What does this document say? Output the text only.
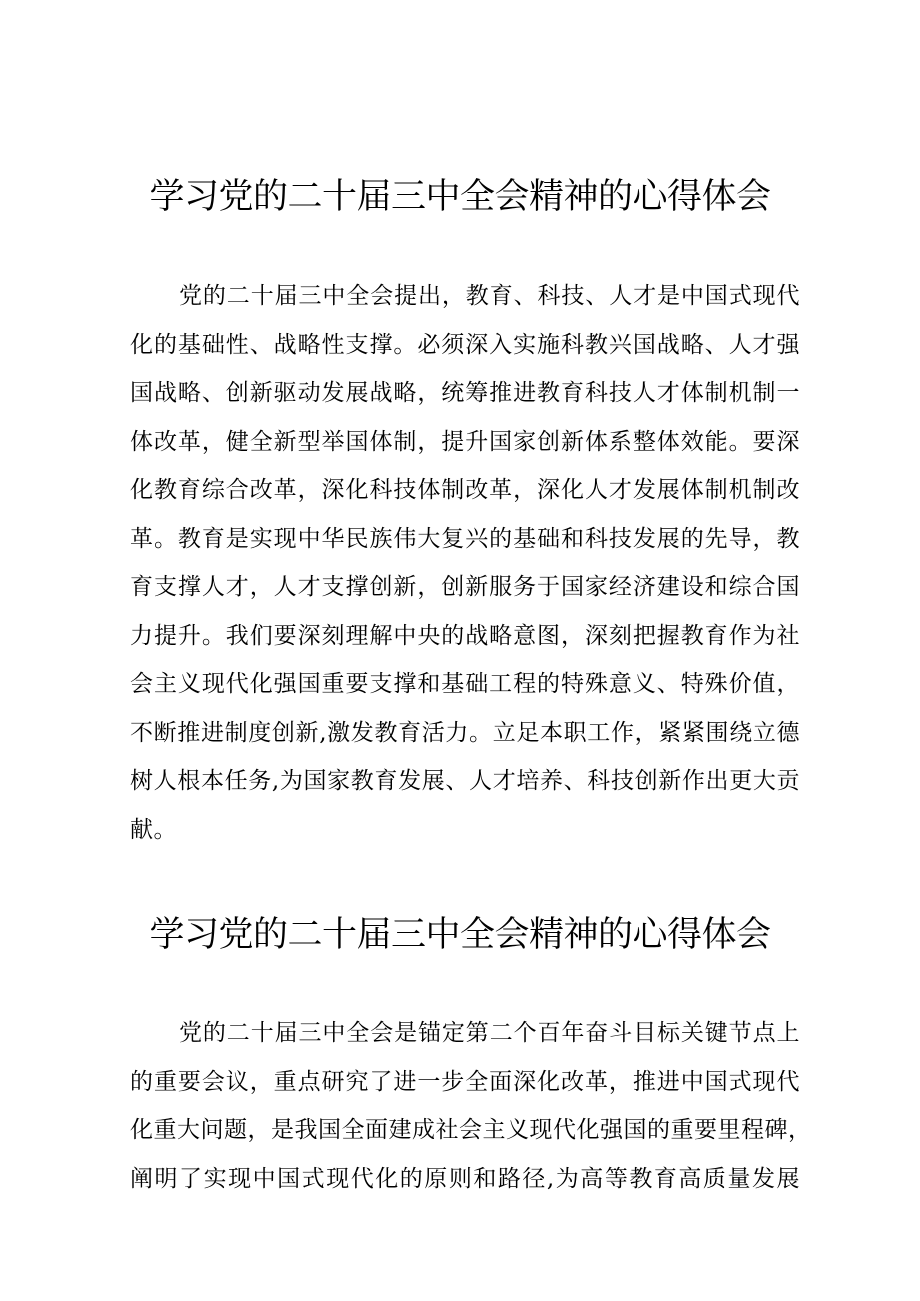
学习党的二十届三中全会精神的心得体会
党的二十届三中全会提出，教育、科技、人才是中国式现代
化的基础性、战略性支撑。必须深入实施科教兴国战略、人才强
国战略、创新驱动发展战略，统筹推进教育科技人才体制机制一
体改革，健全新型举国体制，提升国家创新体系整体效能。要深
化教育综合改革，深化科技体制改革，深化人才发展体制机制改
革。教育是实现中华民族伟大复兴的基础和科技发展的先导，教
育支撑人才，人才支撑创新，创新服务于国家经济建设和综合国
力提升。我们要深刻理解中央的战略意图，深刻把握教育作为社
会主义现代化强国重要支撑和基础工程的特殊意义、特殊价值，
不断推进制度创新,激发教育活力。立足本职工作，紧紧围绕立德
树人根本任务,为国家教育发展、人才培养、科技创新作出更大贡
献。
学习党的二十届三中全会精神的心得体会
党的二十届三中全会是锚定第二个百年奋斗目标关键节点上
的重要会议，重点研究了进一步全面深化改革，推进中国式现代
化重大问题，是我国全面建成社会主义现代化强国的重要里程碑，
阐明了实现中国式现代化的原则和路径,为高等教育高质量发展
